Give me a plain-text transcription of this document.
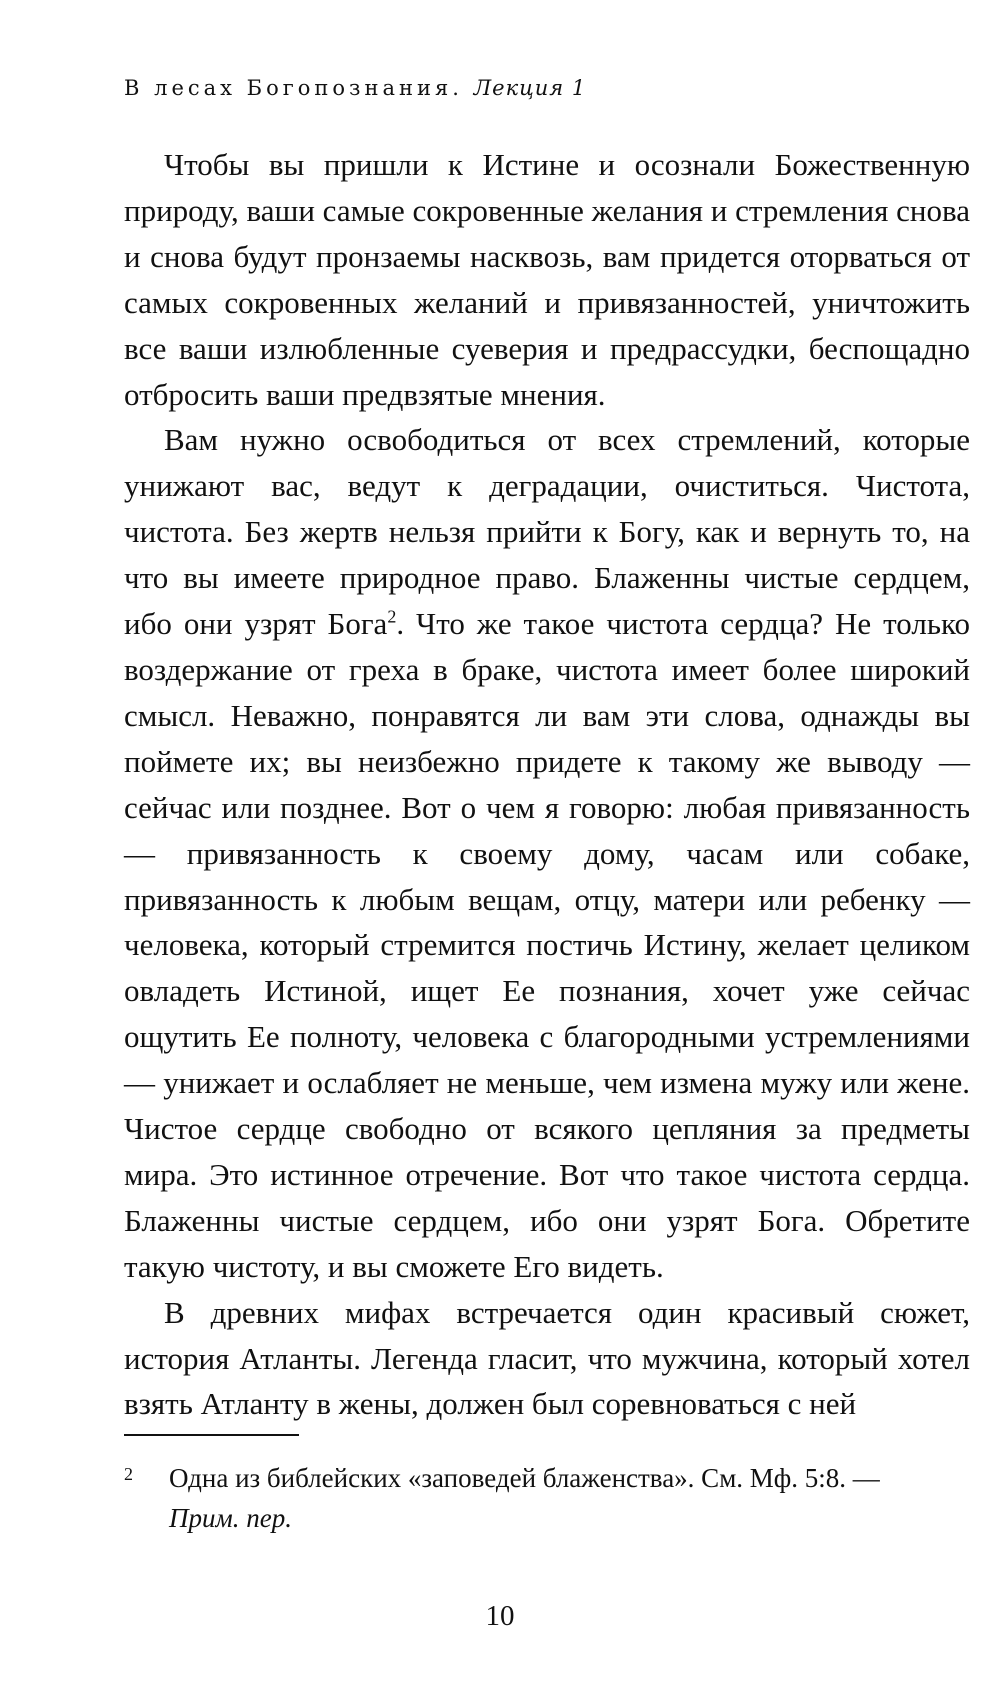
В лесах Богопознания. Лекция 1

Чтобы вы пришли к Истине и осознали Божественную природу, ваши самые сокровенные желания и стремления снова и снова будут пронзаемы насквозь, вам придется оторваться от самых сокровенных желаний и привязанностей, уничтожить все ваши излюбленные суеверия и предрассудки, беспощадно отбросить ваши предвзятые мнения.

Вам нужно освободиться от всех стремлений, которые унижают вас, ведут к деградации, очиститься. Чистота, чистота. Без жертв нельзя прийти к Богу, как и вернуть то, на что вы имеете природное право. Блаженны чистые сердцем, ибо они узрят Бога$^2$. Что же такое чистота сердца? Не только воздержание от греха в браке, чистота имеет более широкий смысл. Неважно, понравятся ли вам эти слова, однажды вы поймете их; вы неизбежно придете к такому же выводу — сейчас или позднее. Вот о чем я говорю: любая привязанность — привязанность к своему дому, часам или собаке, привязанность к любым вещам, отцу, матери или ребенку — человека, который стремится постичь Истину, желает целиком овладеть Истиной, ищет Ее познания, хочет уже сейчас ощутить Ее полноту, человека с благородными устремлениями — унижает и ослабляет не меньше, чем измена мужу или жене. Чистое сердце свободно от всякого цепляния за предметы мира. Это истинное отречение. Вот что такое чистота сердца. Блаженны чистые сердцем, ибо они узрят Бога. Обретите такую чистоту, и вы сможете Его видеть.

В древних мифах встречается один красивый сюжет, история Атланты. Легенда гласит, что мужчина, который хотел взять Атланту в жены, должен был соревноваться с ней

2 Одна из библейских «заповедей блаженства». См. Мф. 5:8. —
Прим. пер.
10
